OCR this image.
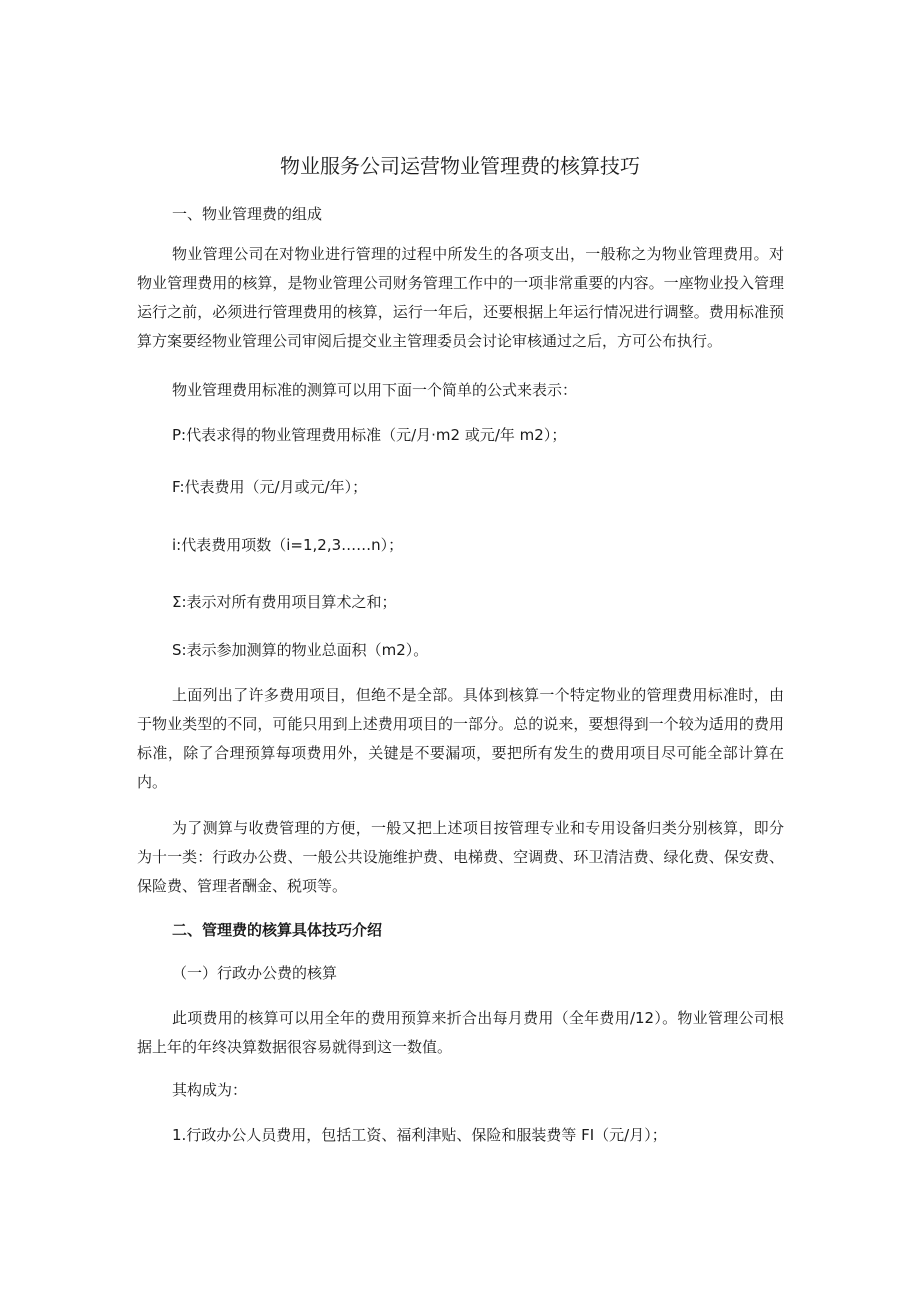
物业服务公司运营物业管理费的核算技巧
一、物业管理费的组成
物业管理公司在对物业进行管理的过程中所发生的各项支出，一般称之为物业管理费用。对物业管理费用的核算，是物业管理公司财务管理工作中的一项非常重要的内容。一座物业投入管理运行之前，必须进行管理费用的核算，运行一年后，还要根据上年运行情况进行调整。费用标准预算方案要经物业管理公司审阅后提交业主管理委员会讨论审核通过之后，方可公布执行。
物业管理费用标准的测算可以用下面一个简单的公式来表示：
P:代表求得的物业管理费用标准（元/月·m2 或元/年 m2）；
F:代表费用（元/月或元/年）；
i:代表费用项数（i=1,2,3……n）；
Σ:表示对所有费用项目算术之和；
S:表示参加测算的物业总面积（m2）。
上面列出了许多费用项目，但绝不是全部。具体到核算一个特定物业的管理费用标准时，由于物业类型的不同，可能只用到上述费用项目的一部分。总的说来，要想得到一个较为适用的费用标准，除了合理预算每项费用外，关键是不要漏项，要把所有发生的费用项目尽可能全部计算在内。
为了测算与收费管理的方便，一般又把上述项目按管理专业和专用设备归类分别核算，即分为十一类：行政办公费、一般公共设施维护费、电梯费、空调费、环卫清洁费、绿化费、保安费、保险费、管理者酬金、税项等。
二、管理费的核算具体技巧介绍
（一）行政办公费的核算
此项费用的核算可以用全年的费用预算来折合出每月费用（全年费用/12）。物业管理公司根据上年的年终决算数据很容易就得到这一数值。
其构成为：
1.行政办公人员费用，包括工资、福利津贴、保险和服装费等 FI（元/月）；
